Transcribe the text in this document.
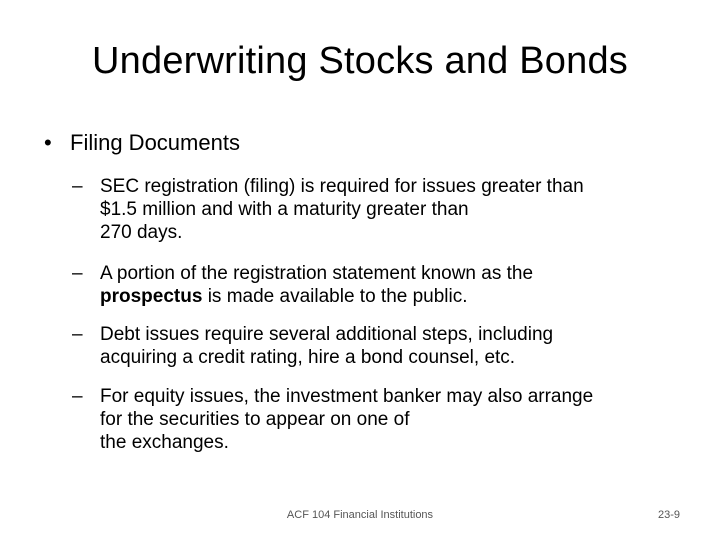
Underwriting Stocks and Bonds
• Filing Documents
– SEC registration (filing) is required for issues greater than
$1.5 million and with a maturity greater than
270 days.
– A portion of the registration statement known as the
prospectus is made available to the public.
– Debt issues require several additional steps, including
acquiring a credit rating, hire a bond counsel, etc.
– For equity issues, the investment banker may also arrange
for the securities to appear on one of
the exchanges.
ACF 104 Financial Institutions	23-9
